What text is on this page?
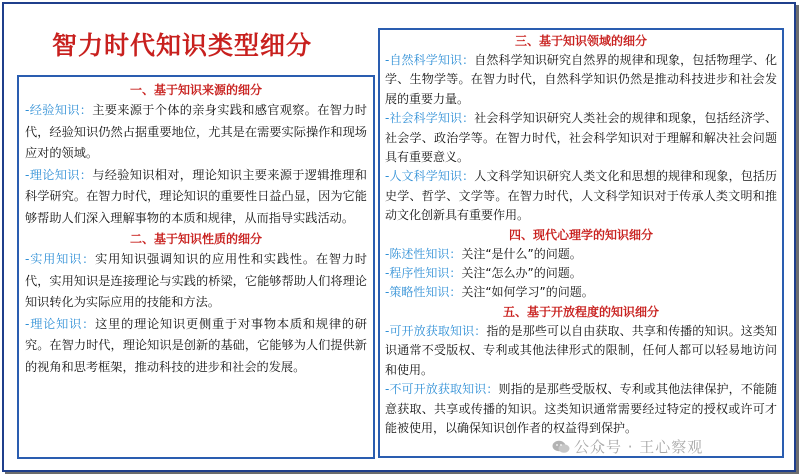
智力时代知识类型细分

一、基于知识来源的细分

-经验知识：主要来源于个体的亲身实践和感官观察。在智力时代，经验知识仍然占据重要地位，尤其是在需要实际操作和现场应对的领域。

-理论知识：与经验知识相对，理论知识主要来源于逻辑推理和科学研究。在智力时代，理论知识的重要性日益凸显，因为它能够帮助人们深入理解事物的本质和规律，从而指导实践活动。

二、基于知识性质的细分

-实用知识：实用知识强调知识的应用性和实践性。在智力时代，实用知识是连接理论与实践的桥梁，它能够帮助人们将理论知识转化为实际应用的技能和方法。

-理论知识：这里的理论知识更侧重于对事物本质和规律的研究。在智力时代，理论知识是创新的基础，它能够为人们提供新的视角和思考框架，推动科技的进步和社会的发展。

三、基于知识领域的细分

-自然科学知识：自然科学知识研究自然界的规律和现象，包括物理学、化学、生物学等。在智力时代，自然科学知识仍然是推动科技进步和社会发展的重要力量。

-社会科学知识：社会科学知识研究人类社会的规律和现象，包括经济学、社会学、政治学等。在智力时代，社会科学知识对于理解和解决社会问题具有重要意义。

-人文科学知识：人文科学知识研究人类文化和思想的规律和现象，包括历史学、哲学、文学等。在智力时代，人文科学知识对于传承人类文明和推动文化创新具有重要作用。

四、现代心理学的知识细分

-陈述性知识：关注“是什么”的问题。

-程序性知识：关注“怎么办”的问题。

-策略性知识：关注“如何学习”的问题。

五、基于开放程度的知识细分

-可开放获取知识：指的是那些可以自由获取、共享和传播的知识。这类知识通常不受版权、专利或其他法律形式的限制，任何人都可以轻易地访问和使用。

-不可开放获取知识：则指的是那些受版权、专利或其他法律保护，不能随意获取、共享或传播的知识。这类知识通常需要经过特定的授权或许可才能被使用，以确保知识创作者的权益得到保护。

公众号 · 王心察观
